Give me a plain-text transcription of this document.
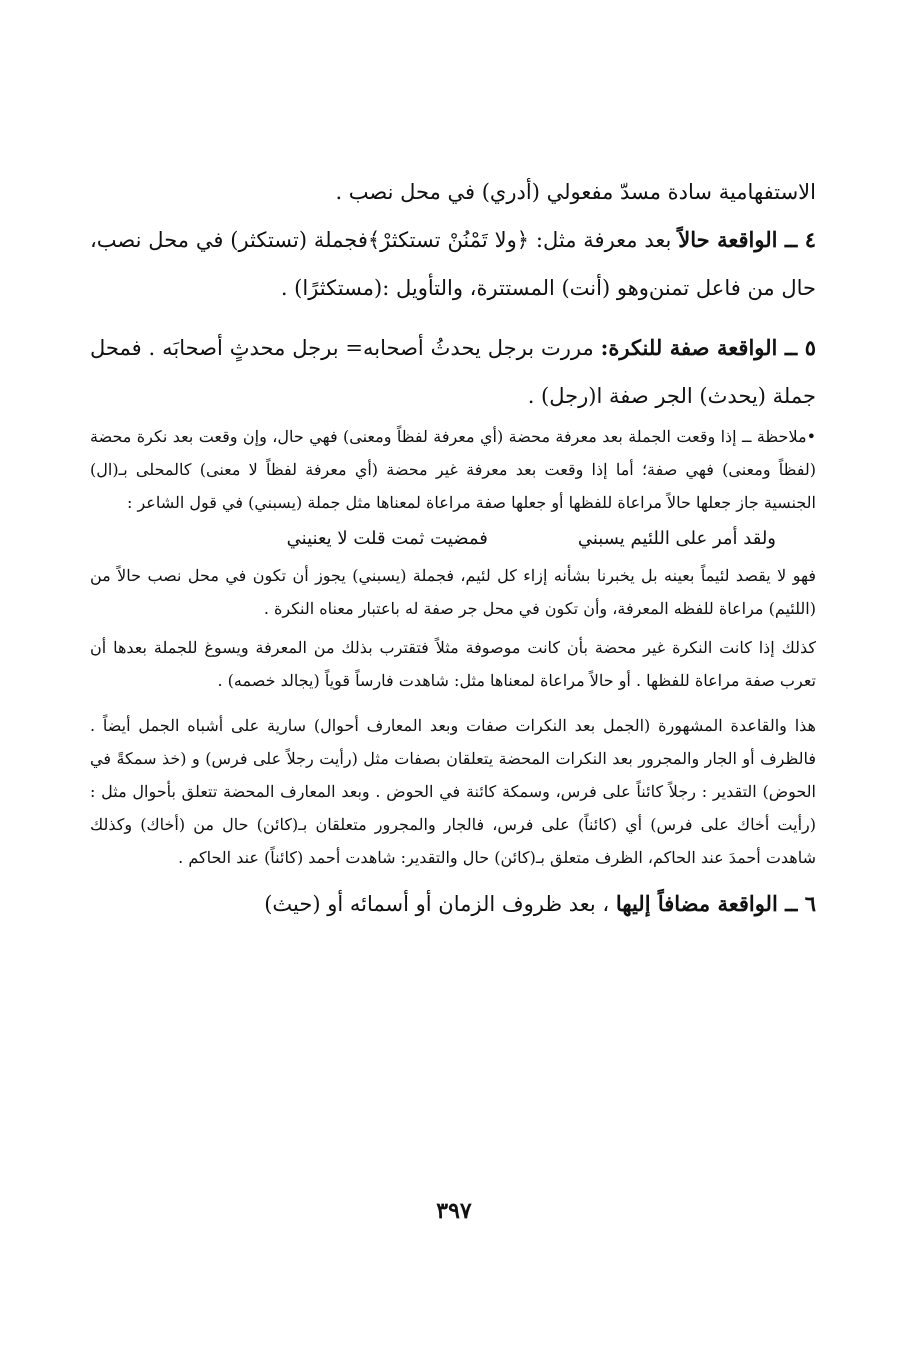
الاستفهامية سادة مسدّ مفعولي (أدري) في محل نصب .

٤ ــ الواقعة حالاً بعد معرفة مثل: ﴿ولا تَمْنُنْ تستكثرْ﴾فجملة (تستكثر) في محل نصب، حال من فاعل تمنن‌وهو (أنت) المستترة، والتأويل :(مستكثرًا) .

٥ ــ الواقعة صفة للنكرة: مررت برجل يحدثُ أصحابه= برجل محدثٍ أصحابَه . فمحل جملة (يحدث) الجر صفة ا(رجل) .

•ملاحظة ــ إذا وقعت الجملة بعد معرفة محضة (أي معرفة لفظاً ومعنى) فهي حال، وإن وقعت بعد نكرة محضة (لفظاً ومعنى) فهي صفة؛ أما إذا وقعت بعد معرفة غير محضة (أي معرفة لفظاً لا معنى) كالمحلى بـ(ال) الجنسية جاز جعلها حالاً مراعاة للفظها أو جعلها صفة مراعاة لمعناها مثل جملة (يسبني) في قول الشاعر :

ولقد أمر على اللئيم يسبني
فمضيت ثمت قلت لا يعنيني

فهو لا يقصد لئيماً بعينه بل يخبرنا بشأنه إزاء كل لئيم، فجملة (يسبني) يجوز أن تكون في محل نصب حالاً من (اللئيم) مراعاة للفظه المعرفة، وأن تكون في محل جر صفة له باعتبار معناه النكرة .

كذلك إذا كانت النكرة غير محضة بأن كانت موصوفة مثلاً فتقترب بذلك من المعرفة ويسوغ للجملة بعدها أن تعرب صفة مراعاة للفظها . أو حالاً مراعاة لمعناها مثل: شاهدت فارساً قوياً (يجالد خصمه) .

هذا والقاعدة المشهورة (الجمل بعد النكرات صفات وبعد المعارف أحوال) سارية على أشباه الجمل أيضاً . فالظرف أو الجار والمجرور بعد النكرات المحضة يتعلقان بصفات مثل (رأيت رجلاً على فرس) و (خذ سمكةً في الحوض) التقدير : رجلاً كائناً على فرس، وسمكة كائنة في الحوض . وبعد المعارف المحضة تتعلق بأحوال مثل : (رأيت أخاك على فرس) أي (كائناً) على فرس، فالجار والمجرور متعلقان بـ(كائن) حال من (أخاك) وكذلك شاهدت أحمدَ عند الحاكم، الظرف متعلق بـ(كائن) حال والتقدير: شاهدت أحمد (كائناً) عند الحاكم .

٦ ــ الواقعة مضافاً إليها ، بعد ظروف الزمان أو أسمائه أو (حيث)

٣٩٧
